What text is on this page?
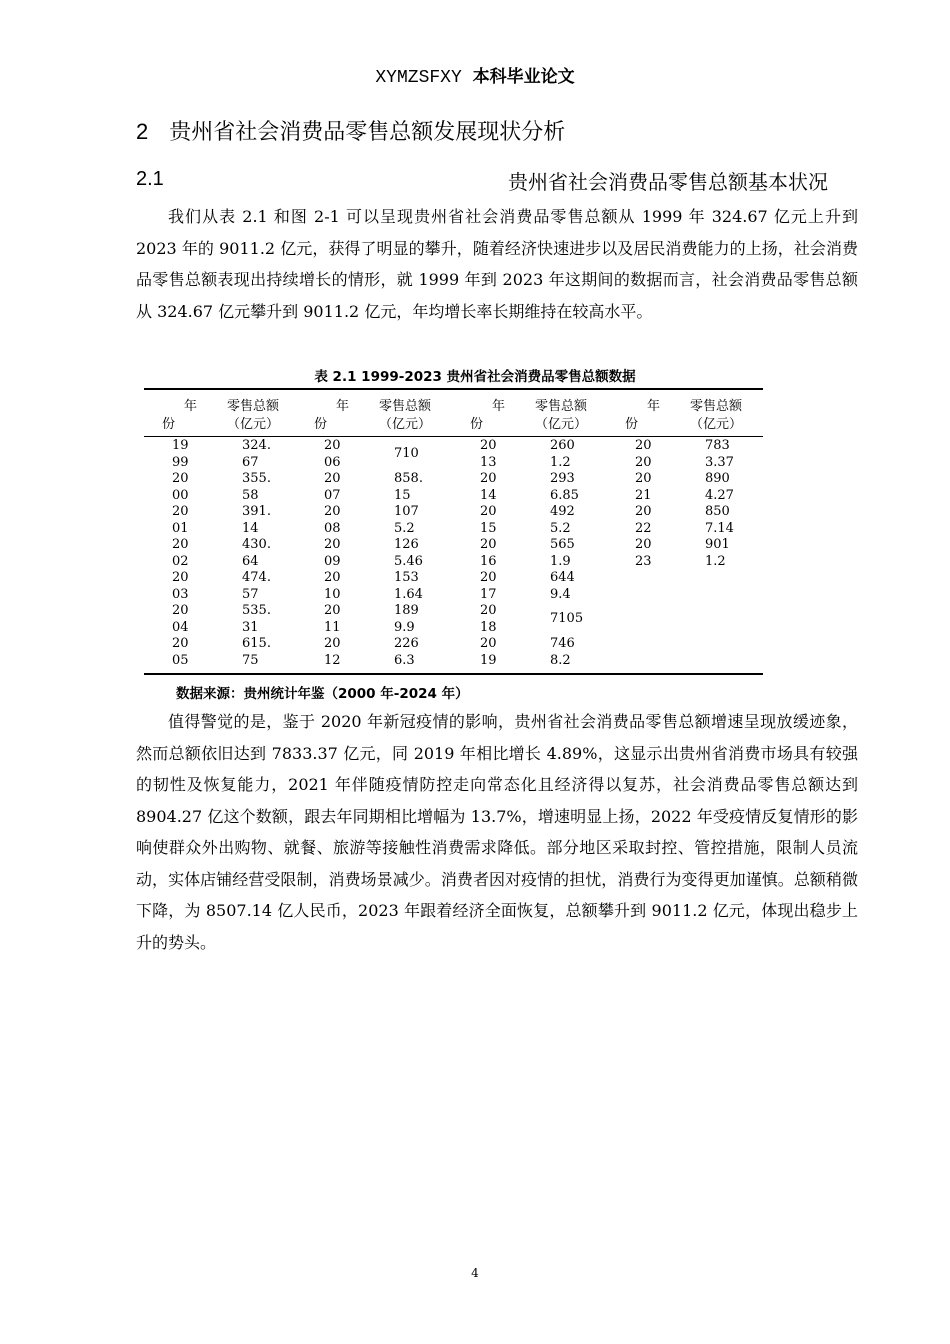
XYMZSFXY 本科毕业论文
2 贵州省社会消费品零售总额发展现状分析
2.1	贵州省社会消费品零售总额基本状况
我们从表 2.1 和图 2-1 可以呈现贵州省社会消费品零售总额从 1999 年 324.67 亿元上升到 2023 年的 9011.2 亿元，获得了明显的攀升，随着经济快速进步以及居民消费能力的上扬，社会消费品零售总额表现出持续增长的情形，就 1999 年到 2023 年这期间的数据而言，社会消费品零售总额从 324.67 亿元攀升到 9011.2 亿元，年均增长率长期维持在较高水平。
表 2.1 1999-2023 贵州省社会消费品零售总额数据
年
份
零售总额
（亿元）
1999
324.67
2000
355.58
2001
391.14
2002
430.64
2003
474.57
2004
535.31
2005
615.75
年
份
零售总额
（亿元）
2006
710
2007
858.15
2008
1075.2
2009
1265.46
2010
1531.64
2011
1899.9
2012
2266.3
年
份
零售总额
（亿元）
2013
2601.2
2014
2936.85
2015
4925.2
2016
5651.9
2017
6449.4
2018
7105
2019
7468.2
年
份
零售总额
（亿元）
2020
7833.37
2021
8904.27
2022
8507.14
2023
9011.2
数据来源：贵州统计年鉴（2000 年-2024 年）
值得警觉的是，鉴于 2020 年新冠疫情的影响，贵州省社会消费品零售总额增速呈现放缓迹象，然而总额依旧达到 7833.37 亿元，同 2019 年相比增长 4.89%，这显示出贵州省消费市场具有较强的韧性及恢复能力，2021 年伴随疫情防控走向常态化且经济得以复苏，社会消费品零售总额达到 8904.27 亿这个数额，跟去年同期相比增幅为 13.7%，增速明显上扬，2022 年受疫情反复情形的影响使群众外出购物、就餐、旅游等接触性消费需求降低。部分地区采取封控、管控措施，限制人员流动，实体店铺经营受限制，消费场景减少。消费者因对疫情的担忧，消费行为变得更加谨慎。总额稍微下降，为 8507.14 亿人民币，2023 年跟着经济全面恢复，总额攀升到 9011.2 亿元，体现出稳步上升的势头。
4
